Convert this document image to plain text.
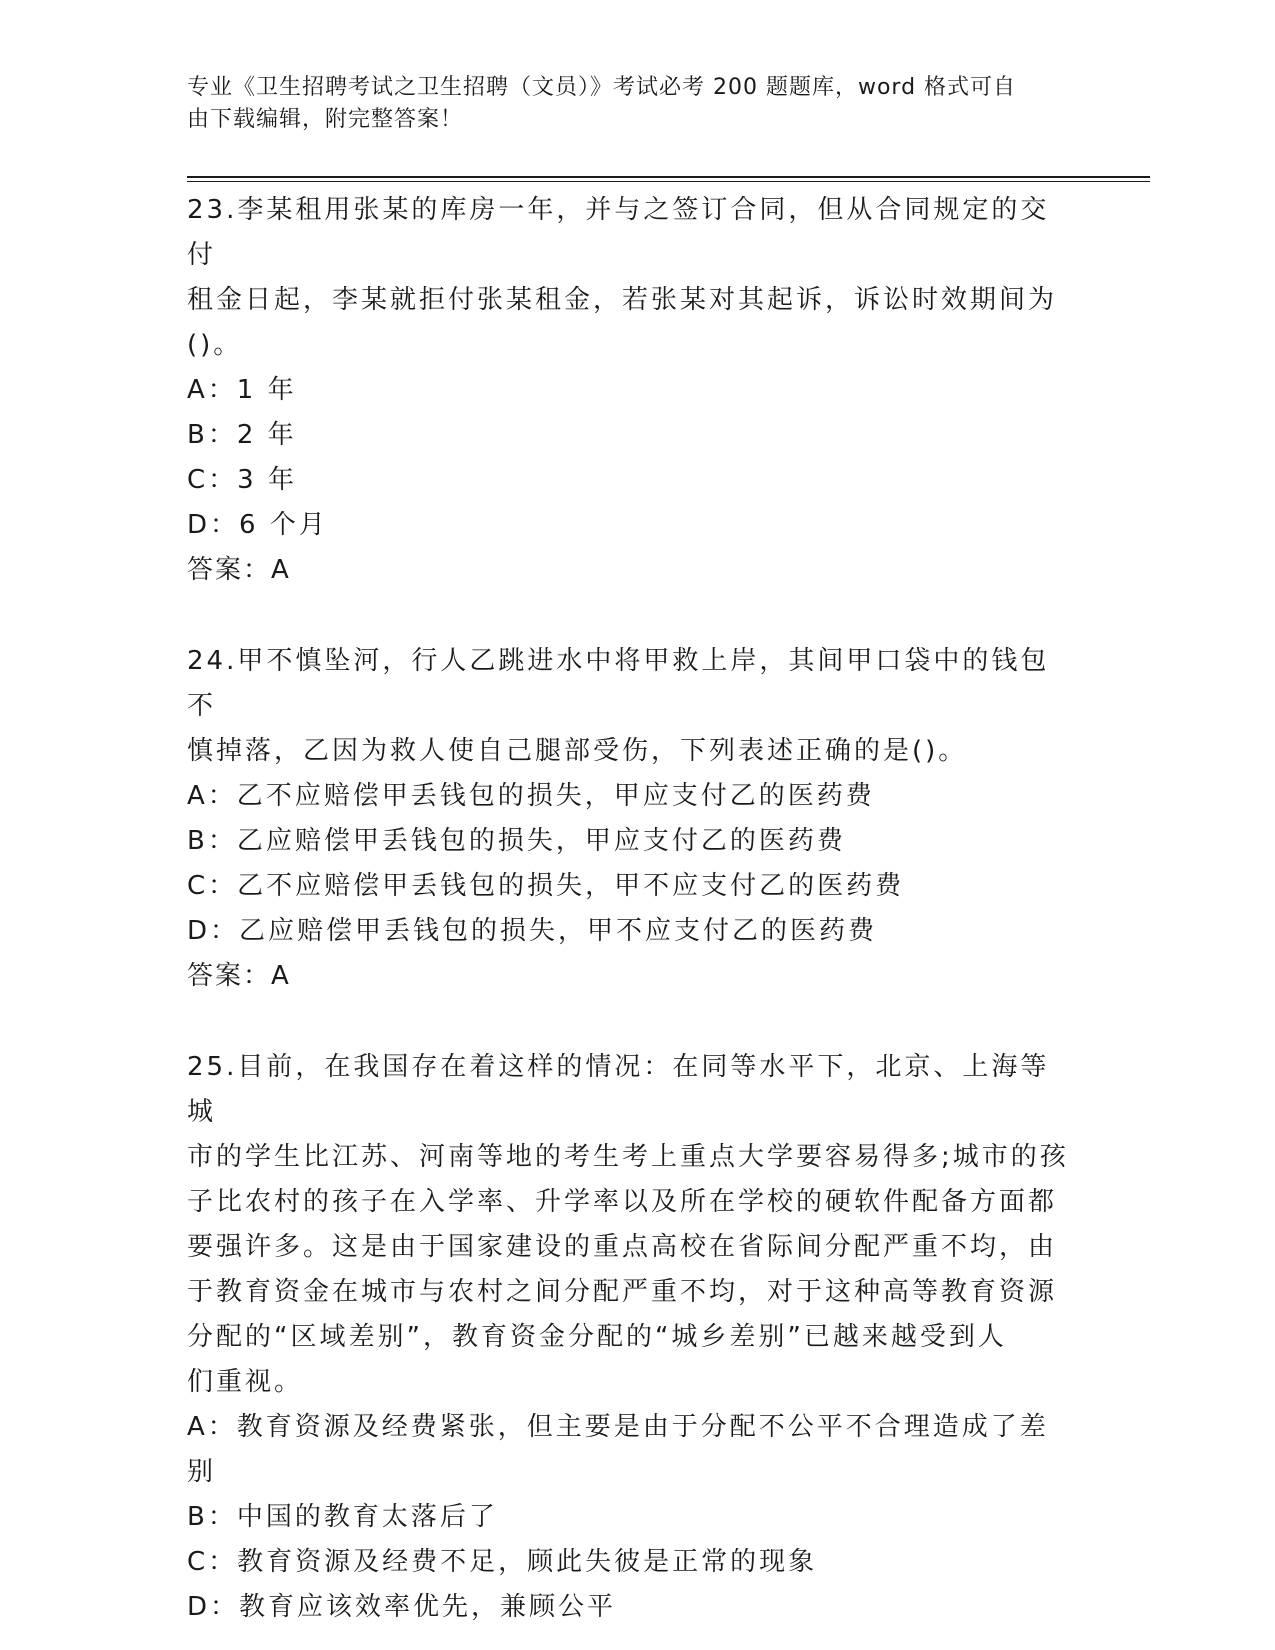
专业《卫生招聘考试之卫生招聘（文员）》考试必考 200 题题库，word 格式可自
由下载编辑，附完整答案！

23.李某租用张某的库房一年，并与之签订合同，但从合同规定的交付

租金日起，李某就拒付张某租金，若张某对其起诉，诉讼时效期间为

()。

A：1 年

B：2 年

C：3 年

D：6 个月

答案：A

24.甲不慎坠河，行人乙跳进水中将甲救上岸，其间甲口袋中的钱包不

慎掉落，乙因为救人使自己腿部受伤，下列表述正确的是()。

A：乙不应赔偿甲丢钱包的损失，甲应支付乙的医药费

B：乙应赔偿甲丢钱包的损失，甲应支付乙的医药费

C：乙不应赔偿甲丢钱包的损失，甲不应支付乙的医药费

D：乙应赔偿甲丢钱包的损失，甲不应支付乙的医药费

答案：A

25.目前，在我国存在着这样的情况：在同等水平下，北京、上海等城

市的学生比江苏、河南等地的考生考上重点大学要容易得多;城市的孩

子比农村的孩子在入学率、升学率以及所在学校的硬软件配备方面都

要强许多。这是由于国家建设的重点高校在省际间分配严重不均，由

于教育资金在城市与农村之间分配严重不均，对于这种高等教育资源

分配的“区域差别”，教育资金分配的“城乡差别”已越来越受到人

们重视。

A：教育资源及经费紧张，但主要是由于分配不公平不合理造成了差别

B：中国的教育太落后了

C：教育资源及经费不足，顾此失彼是正常的现象

D：教育应该效率优先，兼顾公平
